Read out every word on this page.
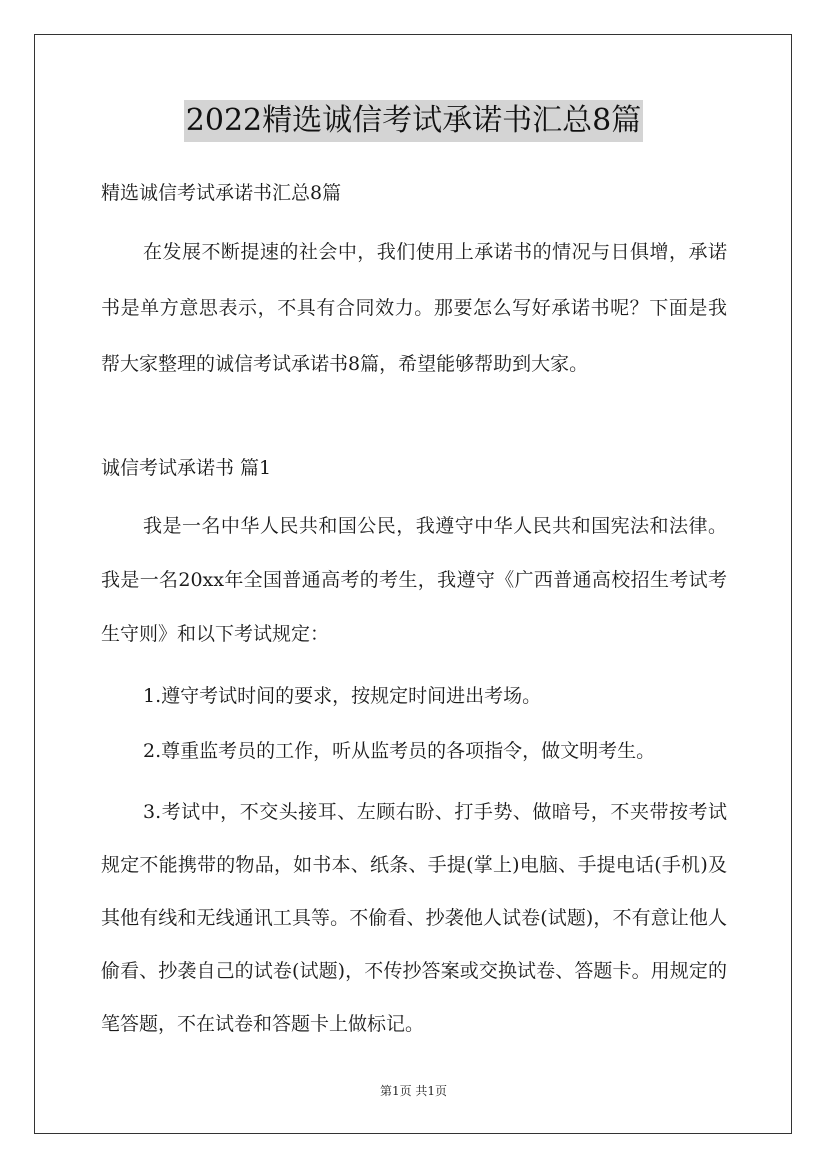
2022精选诚信考试承诺书汇总8篇

精选诚信考试承诺书汇总8篇

在发展不断提速的社会中，我们使用上承诺书的情况与日俱增，承诺书是单方意思表示，不具有合同效力。那要怎么写好承诺书呢？下面是我帮大家整理的诚信考试承诺书8篇，希望能够帮助到大家。

诚信考试承诺书 篇1

我是一名中华人民共和国公民，我遵守中华人民共和国宪法和法律。我是一名20xx年全国普通高考的考生，我遵守《广西普通高校招生考试考生守则》和以下考试规定：

1.遵守考试时间的要求，按规定时间进出考场。

2.尊重监考员的工作，听从监考员的各项指令，做文明考生。

3.考试中，不交头接耳、左顾右盼、打手势、做暗号，不夹带按考试规定不能携带的物品，如书本、纸条、手提(掌上)电脑、手提电话(手机)及其他有线和无线通讯工具等。不偷看、抄袭他人试卷(试题)，不有意让他人偷看、抄袭自己的试卷(试题)，不传抄答案或交换试卷、答题卡。用规定的笔答题，不在试卷和答题卡上做标记。

第1页 共1页
